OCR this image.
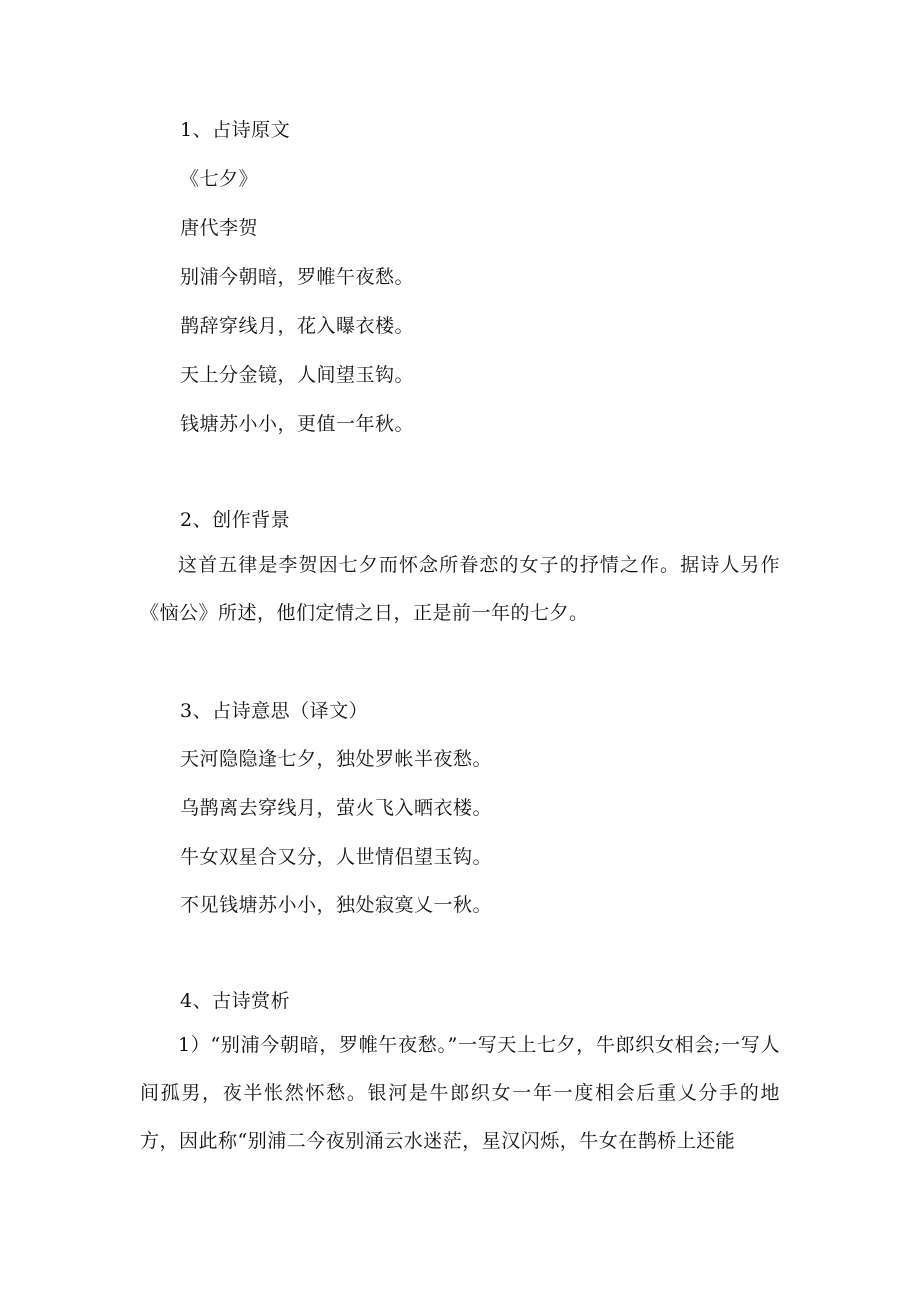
1、占诗原文
《七夕》
唐代李贺
别浦今朝暗，罗帷午夜愁。
鹊辞穿线月，花入曝衣楼。
天上分金镜，人间望玉钩。
钱塘苏小小，更值一年秋。
2、创作背景
这首五律是李贺因七夕而怀念所眷恋的女子的抒情之作。据诗人另作《恼公》所述，他们定情之日，正是前一年的七夕。
3、占诗意思（译文）
天河隐隐逢七夕，独处罗帐半夜愁。
乌鹊离去穿线月，萤火飞入晒衣楼。
牛女双星合又分，人世情侣望玉钩。
不见钱塘苏小小，独处寂寞乂一秋。
4、古诗赏析
1）“别浦今朝暗，罗帷午夜愁。”一写天上七夕，牛郎织女相会;一写人间孤男，夜半怅然怀愁。银河是牛郎织女一年一度相会后重乂分手的地方，因此称“别浦二今夜别涌云水迷茫，星汉闪烁，牛女在鹊桥上还能
